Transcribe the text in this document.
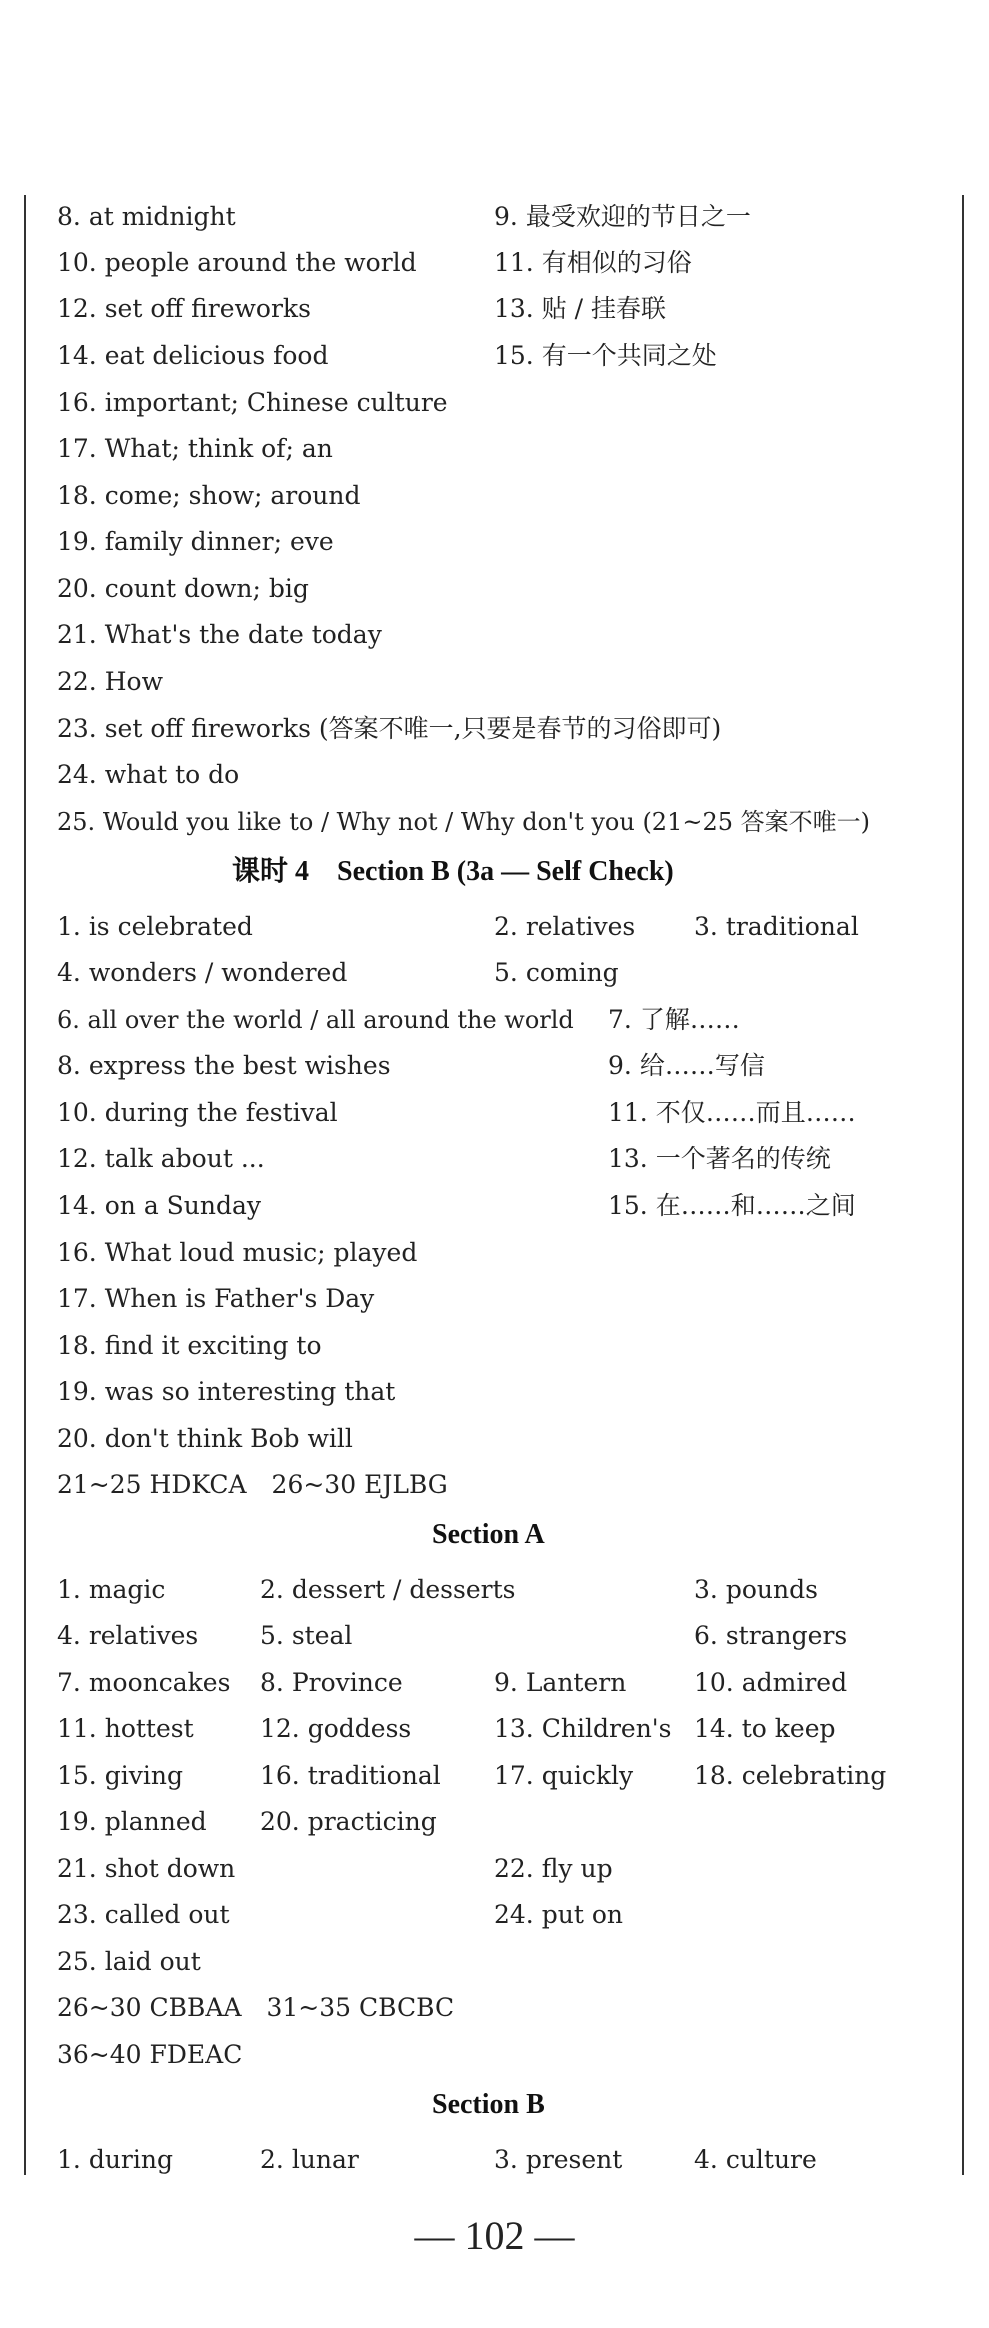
8. at midnight	9. 最受欢迎的节日之一
10. people around the world	11. 有相似的习俗
12. set off fireworks	13. 贴 / 挂春联
14. eat delicious food	15. 有一个共同之处
16. important; Chinese culture
17. What; think of; an
18. come; show; around
19. family dinner; eve
20. count down; big
21. What's the date today
22. How
23. set off fireworks (答案不唯一,只要是春节的习俗即可)
24. what to do
25. Would you like to / Why not / Why don't you (21~25 答案不唯一)
课时 4　Section B (3a — Self Check)
1. is celebrated	2. relatives 3. traditional
4. wonders / wondered	5. coming
6. all over the world / all around the world 7. 了解……
8. express the best wishes	9. 给……写信
10. during the festival	11. 不仅……而且……
12. talk about ...	13. 一个著名的传统
14. on a Sunday	15. 在……和……之间
16. What loud music; played
17. When is Father's Day
18. find it exciting to
19. was so interesting that
20. don't think Bob will
21~25 HDKCA　26~30 EJLBG
Section A
1. magic	2. dessert / desserts	3. pounds
4. relatives 5. steal	6. strangers
7. mooncakes 8. Province	9. Lantern	10. admired
11. hottest	12. goddess	13. Children's 14. to keep
15. giving	16. traditional 17. quickly 18. celebrating
19. planned 20. practicing
21. shot down	22. fly up
23. called out	24. put on
25. laid out
26~30 CBBAA　31~35 CBCBC
36~40 FDEAC
Section B
1. during	2. lunar	3. present	4. culture
— 102 —
